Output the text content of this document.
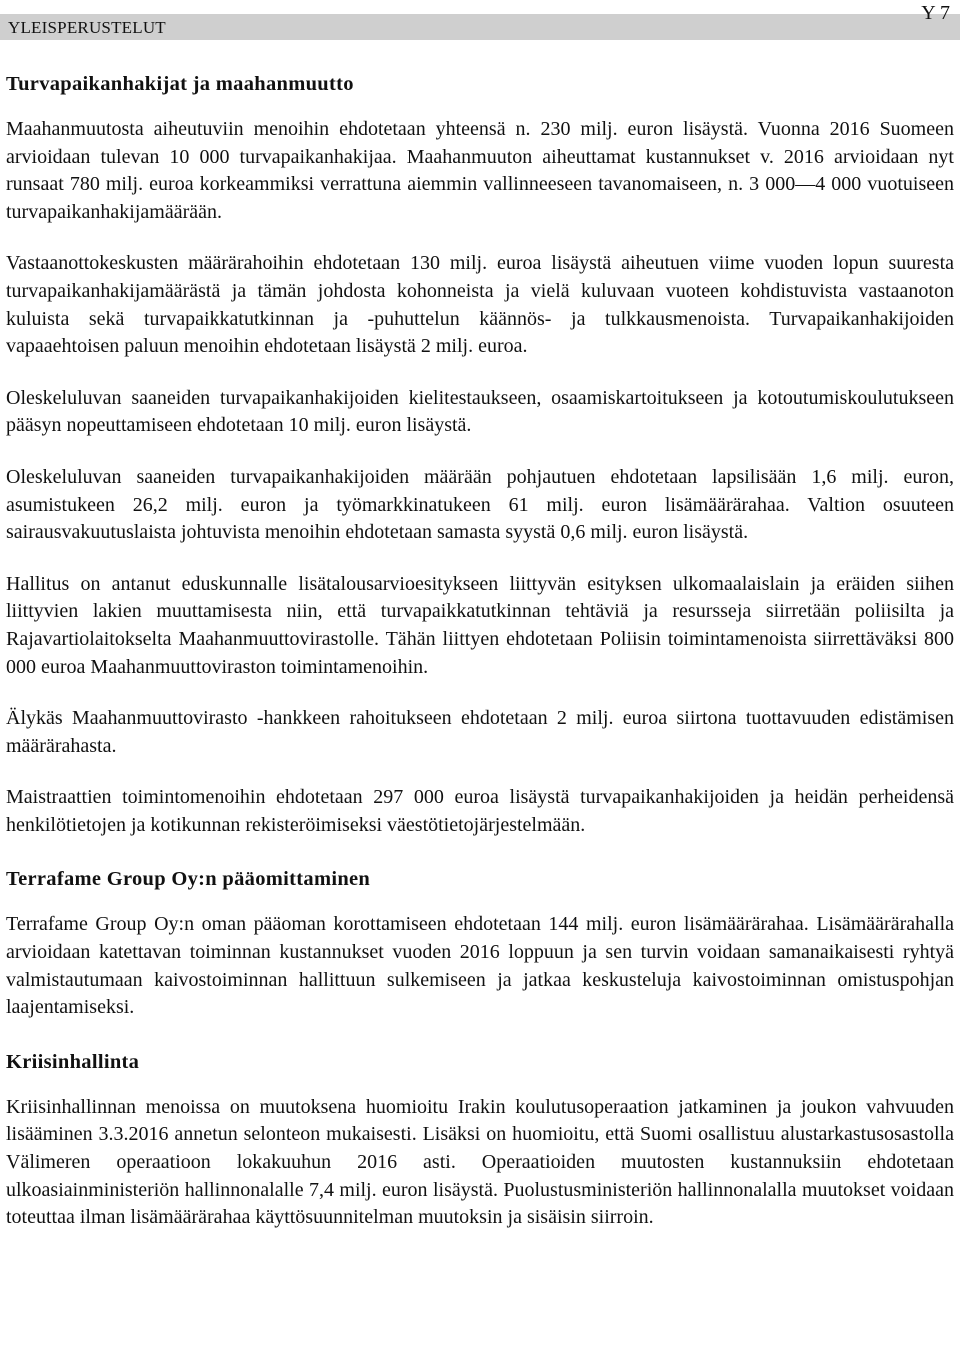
YLEISPERUSTELUT
Y 7
Turvapaikanhakijat ja maahanmuutto

Maahanmuutosta aiheutuviin menoihin ehdotetaan yhteensä n. 230 milj. euron lisäystä. Vuonna 2016 Suomeen arvioidaan tulevan 10 000 turvapaikanhakijaa. Maahanmuuton aiheuttamat kustannukset v. 2016 arvioidaan nyt runsaat 780 milj. euroa korkeammiksi verrattuna aiemmin vallinneeseen tavanomaiseen, n. 3 000—4 000 vuotuiseen turvapaikanhakijamäärään.

Vastaanottokeskusten määrärahoihin ehdotetaan 130 milj. euroa lisäystä aiheutuen viime vuoden lopun suuresta turvapaikanhakijamäärästä ja tämän johdosta kohonneista ja vielä kuluvaan vuoteen kohdistuvista vastaanoton kuluista sekä turvapaikkatutkinnan ja -puhuttelun käännös- ja tulkkausmenoista. Turvapaikanhakijoiden vapaaehtoisen paluun menoihin ehdotetaan lisäystä 2 milj. euroa.

Oleskeluluvan saaneiden turvapaikanhakijoiden kielitestaukseen, osaamiskartoitukseen ja kotoutumiskoulutukseen pääsyn nopeuttamiseen ehdotetaan 10 milj. euron lisäystä.

Oleskeluluvan saaneiden turvapaikanhakijoiden määrään pohjautuen ehdotetaan lapsilisään 1,6 milj. euron, asumistukeen 26,2 milj. euron ja työmarkkinatukeen 61 milj. euron lisämäärärahaa. Valtion osuuteen sairausvakuutuslaista johtuvista menoihin ehdotetaan samasta syystä 0,6 milj. euron lisäystä.

Hallitus on antanut eduskunnalle lisätalousarvioesitykseen liittyvän esityksen ulkomaalaislain ja eräiden siihen liittyvien lakien muuttamisesta niin, että turvapaikkatutkinnan tehtäviä ja resursseja siirretään poliisilta ja Rajavartiolaitokselta Maahanmuuttovirastolle. Tähän liittyen ehdotetaan Poliisin toimintamenoista siirrettäväksi 800 000 euroa Maahanmuuttoviraston toimintamenoihin.

Älykäs Maahanmuuttovirasto -hankkeen rahoitukseen ehdotetaan 2 milj. euroa siirtona tuottavuuden edistämisen määrärahasta.

Maistraattien toimintomenoihin ehdotetaan 297 000 euroa lisäystä turvapaikanhakijoiden ja heidän perheidensä henkilötietojen ja kotikunnan rekisteröimiseksi väestötietojärjestelmään.

Terrafame Group Oy:n pääomittaminen

Terrafame Group Oy:n oman pääoman korottamiseen ehdotetaan 144 milj. euron lisämäärärahaa. Lisämäärärahalla arvioidaan katettavan toiminnan kustannukset vuoden 2016 loppuun ja sen turvin voidaan samanaikaisesti ryhtyä valmistautumaan kaivostoiminnan hallittuun sulkemiseen ja jatkaa keskusteluja kaivostoiminnan omistuspohjan laajentamiseksi.

Kriisinhallinta

Kriisinhallinnan menoissa on muutoksena huomioitu Irakin koulutusoperaation jatkaminen ja joukon vahvuuden lisääminen 3.3.2016 annetun selonteon mukaisesti. Lisäksi on huomioitu, että Suomi osallistuu alustarkastusosastolla Välimeren operaatioon lokakuuhun 2016 asti. Operaatioiden muutosten kustannuksiin ehdotetaan ulkoasiainministeriön hallinnonalalle 7,4 milj. euron lisäystä. Puolustusministeriön hallinnonalalla muutokset voidaan toteuttaa ilman lisämäärärahaa käyttösuunnitelman muutoksin ja sisäisin siirroin.
